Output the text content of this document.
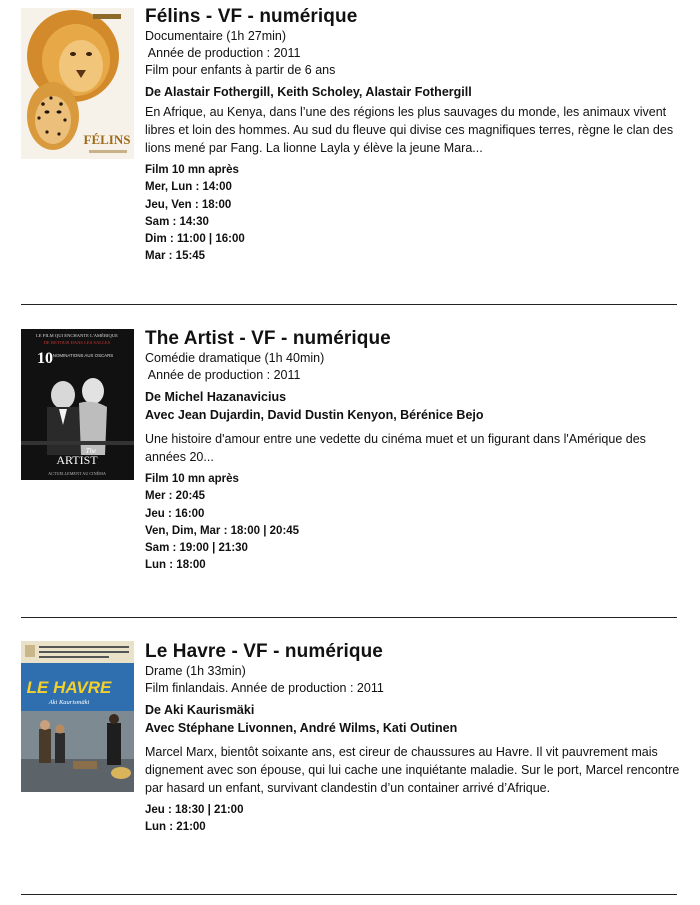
FÉLINS
Félins - VF - numérique
Documentaire (1h 27min)
Année de production : 2011
Film pour enfants à partir de 6 ans
De Alastair Fothergill, Keith Scholey, Alastair Fothergill
En Afrique, au Kenya, dans l’une des régions les plus sauvages du monde, les animaux vivent libres et loin des hommes. Au sud du fleuve qui divise ces magnifiques terres, règne le clan des lions mené par Fang. La lionne Layla y élève la jeune Mara...
Film 10 mn après
Mer, Lun : 14:00
Jeu, Ven : 18:00
Sam : 14:30
Dim : 11:00 | 16:00
Mar : 15:45
LE FILM QUI ENCHANTE L'AMÉRIQUE
DE RETOUR DANS LES SALLES
10 NOMINATIONS AUX OSCARS
The
ARTIST
ACTUELLEMENT AU CINÉMA
The Artist - VF - numérique
Comédie dramatique (1h 40min)
Année de production : 2011
De Michel Hazanavicius
Avec Jean Dujardin, David Dustin Kenyon, Bérénice Bejo
Une histoire d'amour entre une vedette du cinéma muet et un figurant dans l'Amérique des années 20...
Film 10 mn après
Mer : 20:45
Jeu : 16:00
Ven, Dim, Mar : 18:00 | 20:45
Sam : 19:00 | 21:30
Lun : 18:00
LE HAVRE
Aki Kaurismäki
Le Havre - VF - numérique
Drame (1h 33min)
Film finlandais. Année de production : 2011
De Aki Kaurismäki
Avec Stéphane Livonnen, André Wilms, Kati Outinen
Marcel Marx, bientôt soixante ans, est cireur de chaussures au Havre. Il vit pauvrement mais dignement avec son épouse, qui lui cache une inquiétante maladie. Sur le port, Marcel rencontre par hasard un enfant, survivant clandestin d’un container arrivé d’Afrique.
Jeu : 18:30 | 21:00
Lun : 21:00
